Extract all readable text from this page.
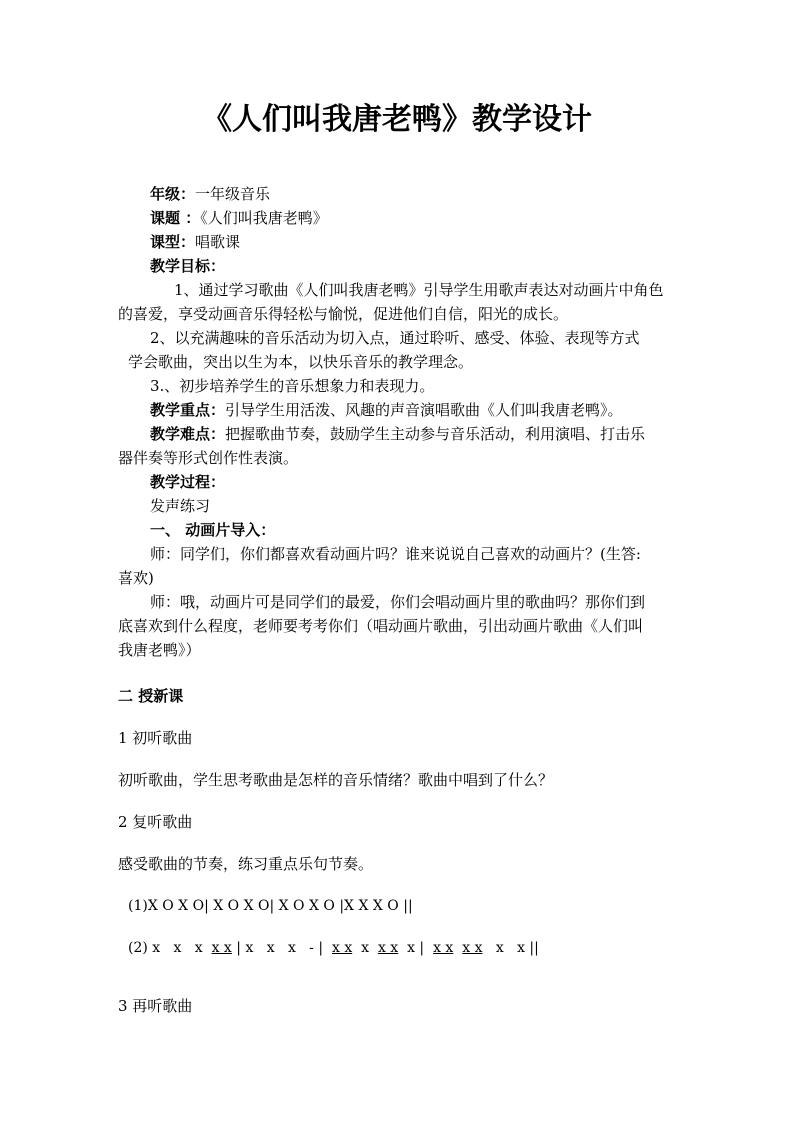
《人们叫我唐老鸭》教学设计
年级：一年级音乐
课题 ：《人们叫我唐老鸭》
课型：唱歌课
教学目标：
1、通过学习歌曲《人们叫我唐老鸭》引导学生用歌声表达对动画片中角色
的喜爱，享受动画音乐得轻松与愉悦，促进他们自信，阳光的成长。
2、以充满趣味的音乐活动为切入点，通过聆听、感受、体验、表现等方式
学会歌曲，突出以生为本，以快乐音乐的教学理念。
3.、初步培养学生的音乐想象力和表现力。
教学重点：引导学生用活泼、风趣的声音演唱歌曲《人们叫我唐老鸭》。
教学难点：把握歌曲节奏，鼓励学生主动参与音乐活动，利用演唱、打击乐
器伴奏等形式创作性表演。
教学过程：
发声练习
一、 动画片导入：
师：同学们，你们都喜欢看动画片吗？谁来说说自己喜欢的动画片？(生答:
喜欢)
师：哦，动画片可是同学们的最爱，你们会唱动画片里的歌曲吗？那你们到
底喜欢到什么程度，老师要考考你们（唱动画片歌曲，引出动画片歌曲《人们叫
我唐老鸭》）
二 授新课
1 初听歌曲
初听歌曲，学生思考歌曲是怎样的音乐情绪？歌曲中唱到了什么？
2 复听歌曲
感受歌曲的节奏，练习重点乐句节奏。
(1)X O X O| X O X O| X O X O |X X X O ||
(2) x   x   x  x x | x   x   x   - |  x x  x  x x  x |  x x x x   x   x ||
3 再听歌曲
